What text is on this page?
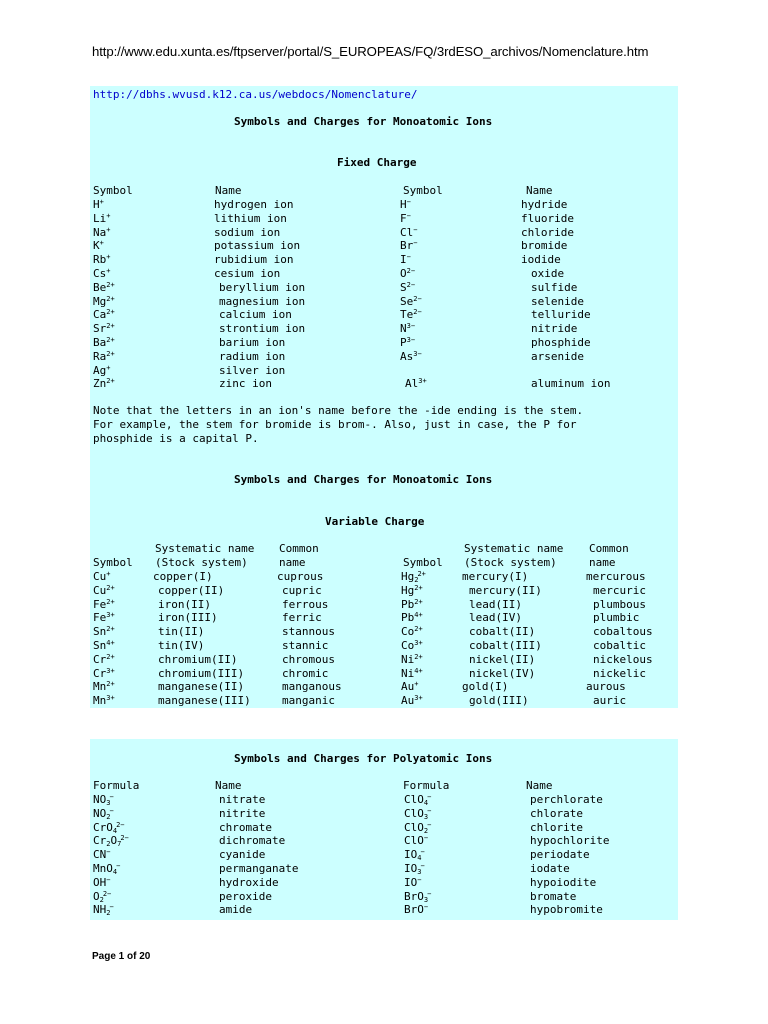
http://www.edu.xunta.es/ftpserver/portal/S_EUROPEAS/FQ/3rdESO_archivos/Nomenclature.htm
http://dbhs.wvusd.k12.ca.us/webdocs/Nomenclature/
Symbols and Charges for Monoatomic Ions
Fixed Charge
Symbol	Name	Symbol	Name
H+	hydrogen ion	H−	hydride
Li+	lithium ion	F−	fluoride
Na+	sodium ion	Cl−	chloride
K+	potassium ion	Br−	bromide
Rb+	rubidium ion	I−	iodide
Cs+	cesium ion	$O^{2-}$	oxide
$Be^{2+}$	beryllium ion	$S^{2-}$	sulfide
$Mg^{2+}$	magnesium ion	$Se^{2-}$	selenide
$Ca^{2+}$	calcium ion	$Te^{2-}$	telluride
$Sr^{2+}$	strontium ion	$N^{3-}$	nitride
$Ba^{2+}$	barium ion	$P^{3-}$	phosphide
$Ra^{2+}$	radium ion	$As^{3-}$	arsenide
Ag+	silver ion
$Zn^{2+}$	zinc ion	$Al^{3+}$	aluminum ion
Note that the letters in an ion's name before the -ide ending is the stem.
For example, the stem for bromide is brom-. Also, just in case, the P for
phosphide is a capital P.
Symbols and Charges for Monoatomic Ions
Variable Charge
Systematic name Common	Systematic name Common
Symbol (Stock system)	name	Symbol (Stock system)	name
Cu+	copper(I)	cuprous	$Hg_2^{2+}$	mercury(I)	mercurous
$Cu^{2+}$	copper(II)	cupric	$Hg^{2+}$	mercury(II)	mercuric
$Fe^{2+}$	iron(II)	ferrous	$Pb^{2+}$	lead(II)	plumbous
$Fe^{3+}$	iron(III)	ferric	$Pb^{4+}$	lead(IV)	plumbic
$Sn^{2+}$	tin(II)	stannous	$Co^{2+}$	cobalt(II)	cobaltous
$Sn^{4+}$	tin(IV)	stannic	$Co^{3+}$	cobalt(III)	cobaltic
$Cr^{2+}$	chromium(II)	chromous	$Ni^{2+}$	nickel(II)	nickelous
$Cr^{3+}$	chromium(III)	chromic	$Ni^{4+}$	nickel(IV)	nickelic
$Mn^{2+}$	manganese(II)	manganous	Au+	gold(I)	aurous
$Mn^{3+}$	manganese(III)	manganic	$Au^{3+}$	gold(III)	auric
Symbols and Charges for Polyatomic Ions
Formula	Name	Formula	Name
$NO_3^-$	nitrate	ClO$_4$−	perchlorate
$NO_2^-$	nitrite	ClO$_3$−	chlorate
CrO$_4^{2-}$	chromate	ClO$_2$−	chlorite
$Cr_2O_7^{2-}$	dichromate	ClO−	hypochlorite
CN−	cyanide	$IO_4^-$	periodate
MnO$_4$−	permanganate	$IO_3^-$	iodate
OH−	hydroxide	IO−	hypoiodite
$O_2^{2-}$	peroxide	BrO$_3$−	bromate
$NH_2^-$	amide	BrO−	hypobromite
Page 1 of 20
